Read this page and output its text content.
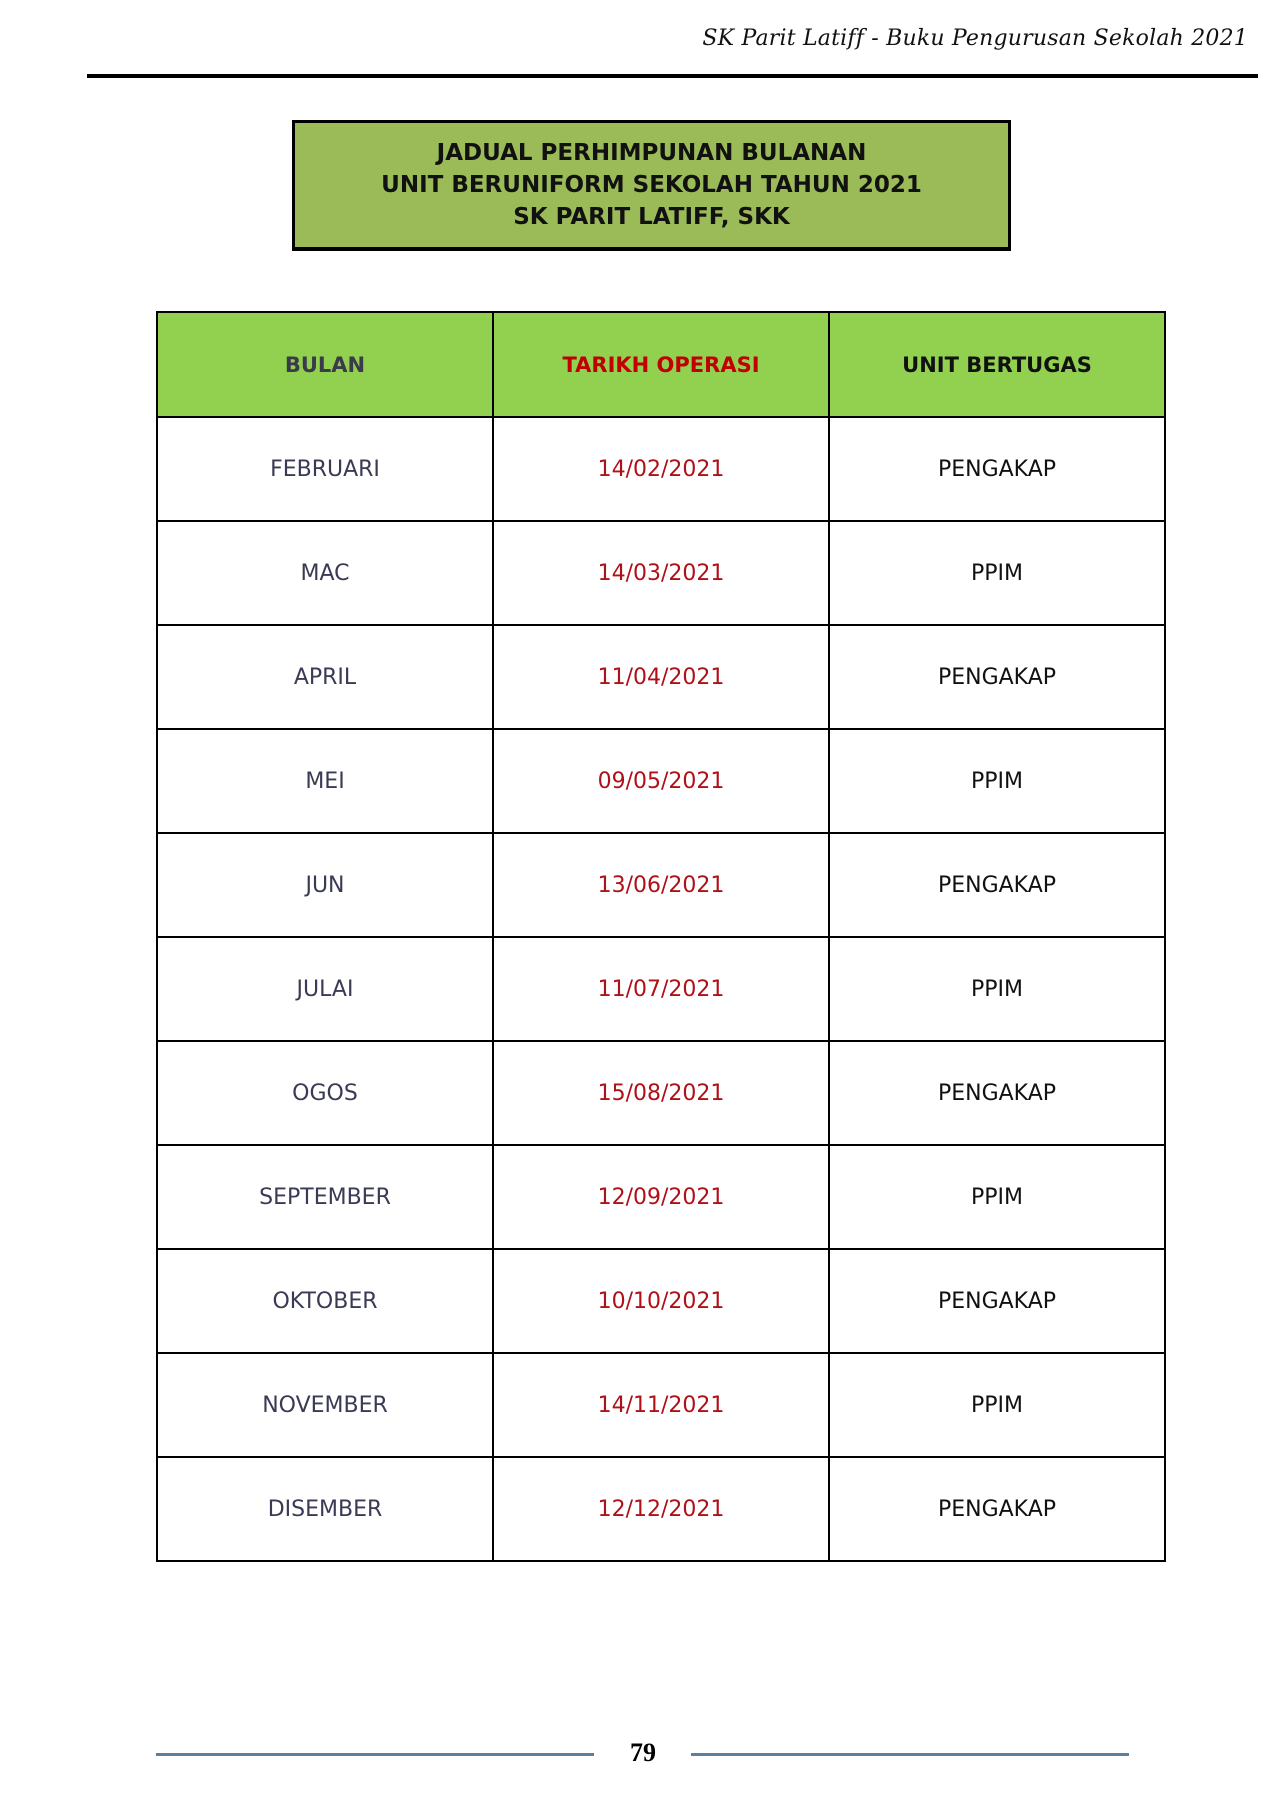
SK Parit Latiff - Buku Pengurusan Sekolah 2021
JADUAL PERHIMPUNAN BULANAN
UNIT BERUNIFORM SEKOLAH TAHUN 2021
SK PARIT LATIFF, SKK
BULAN	TARIKH OPERASI	UNIT BERTUGAS
FEBRUARI	14/02/2021	PENGAKAP
MAC	14/03/2021	PPIM
APRIL	11/04/2021	PENGAKAP
MEI	09/05/2021	PPIM
JUN	13/06/2021	PENGAKAP
JULAI	11/07/2021	PPIM
OGOS	15/08/2021	PENGAKAP
SEPTEMBER	12/09/2021	PPIM
OKTOBER	10/10/2021	PENGAKAP
NOVEMBER	14/11/2021	PPIM
DISEMBER	12/12/2021	PENGAKAP
79
